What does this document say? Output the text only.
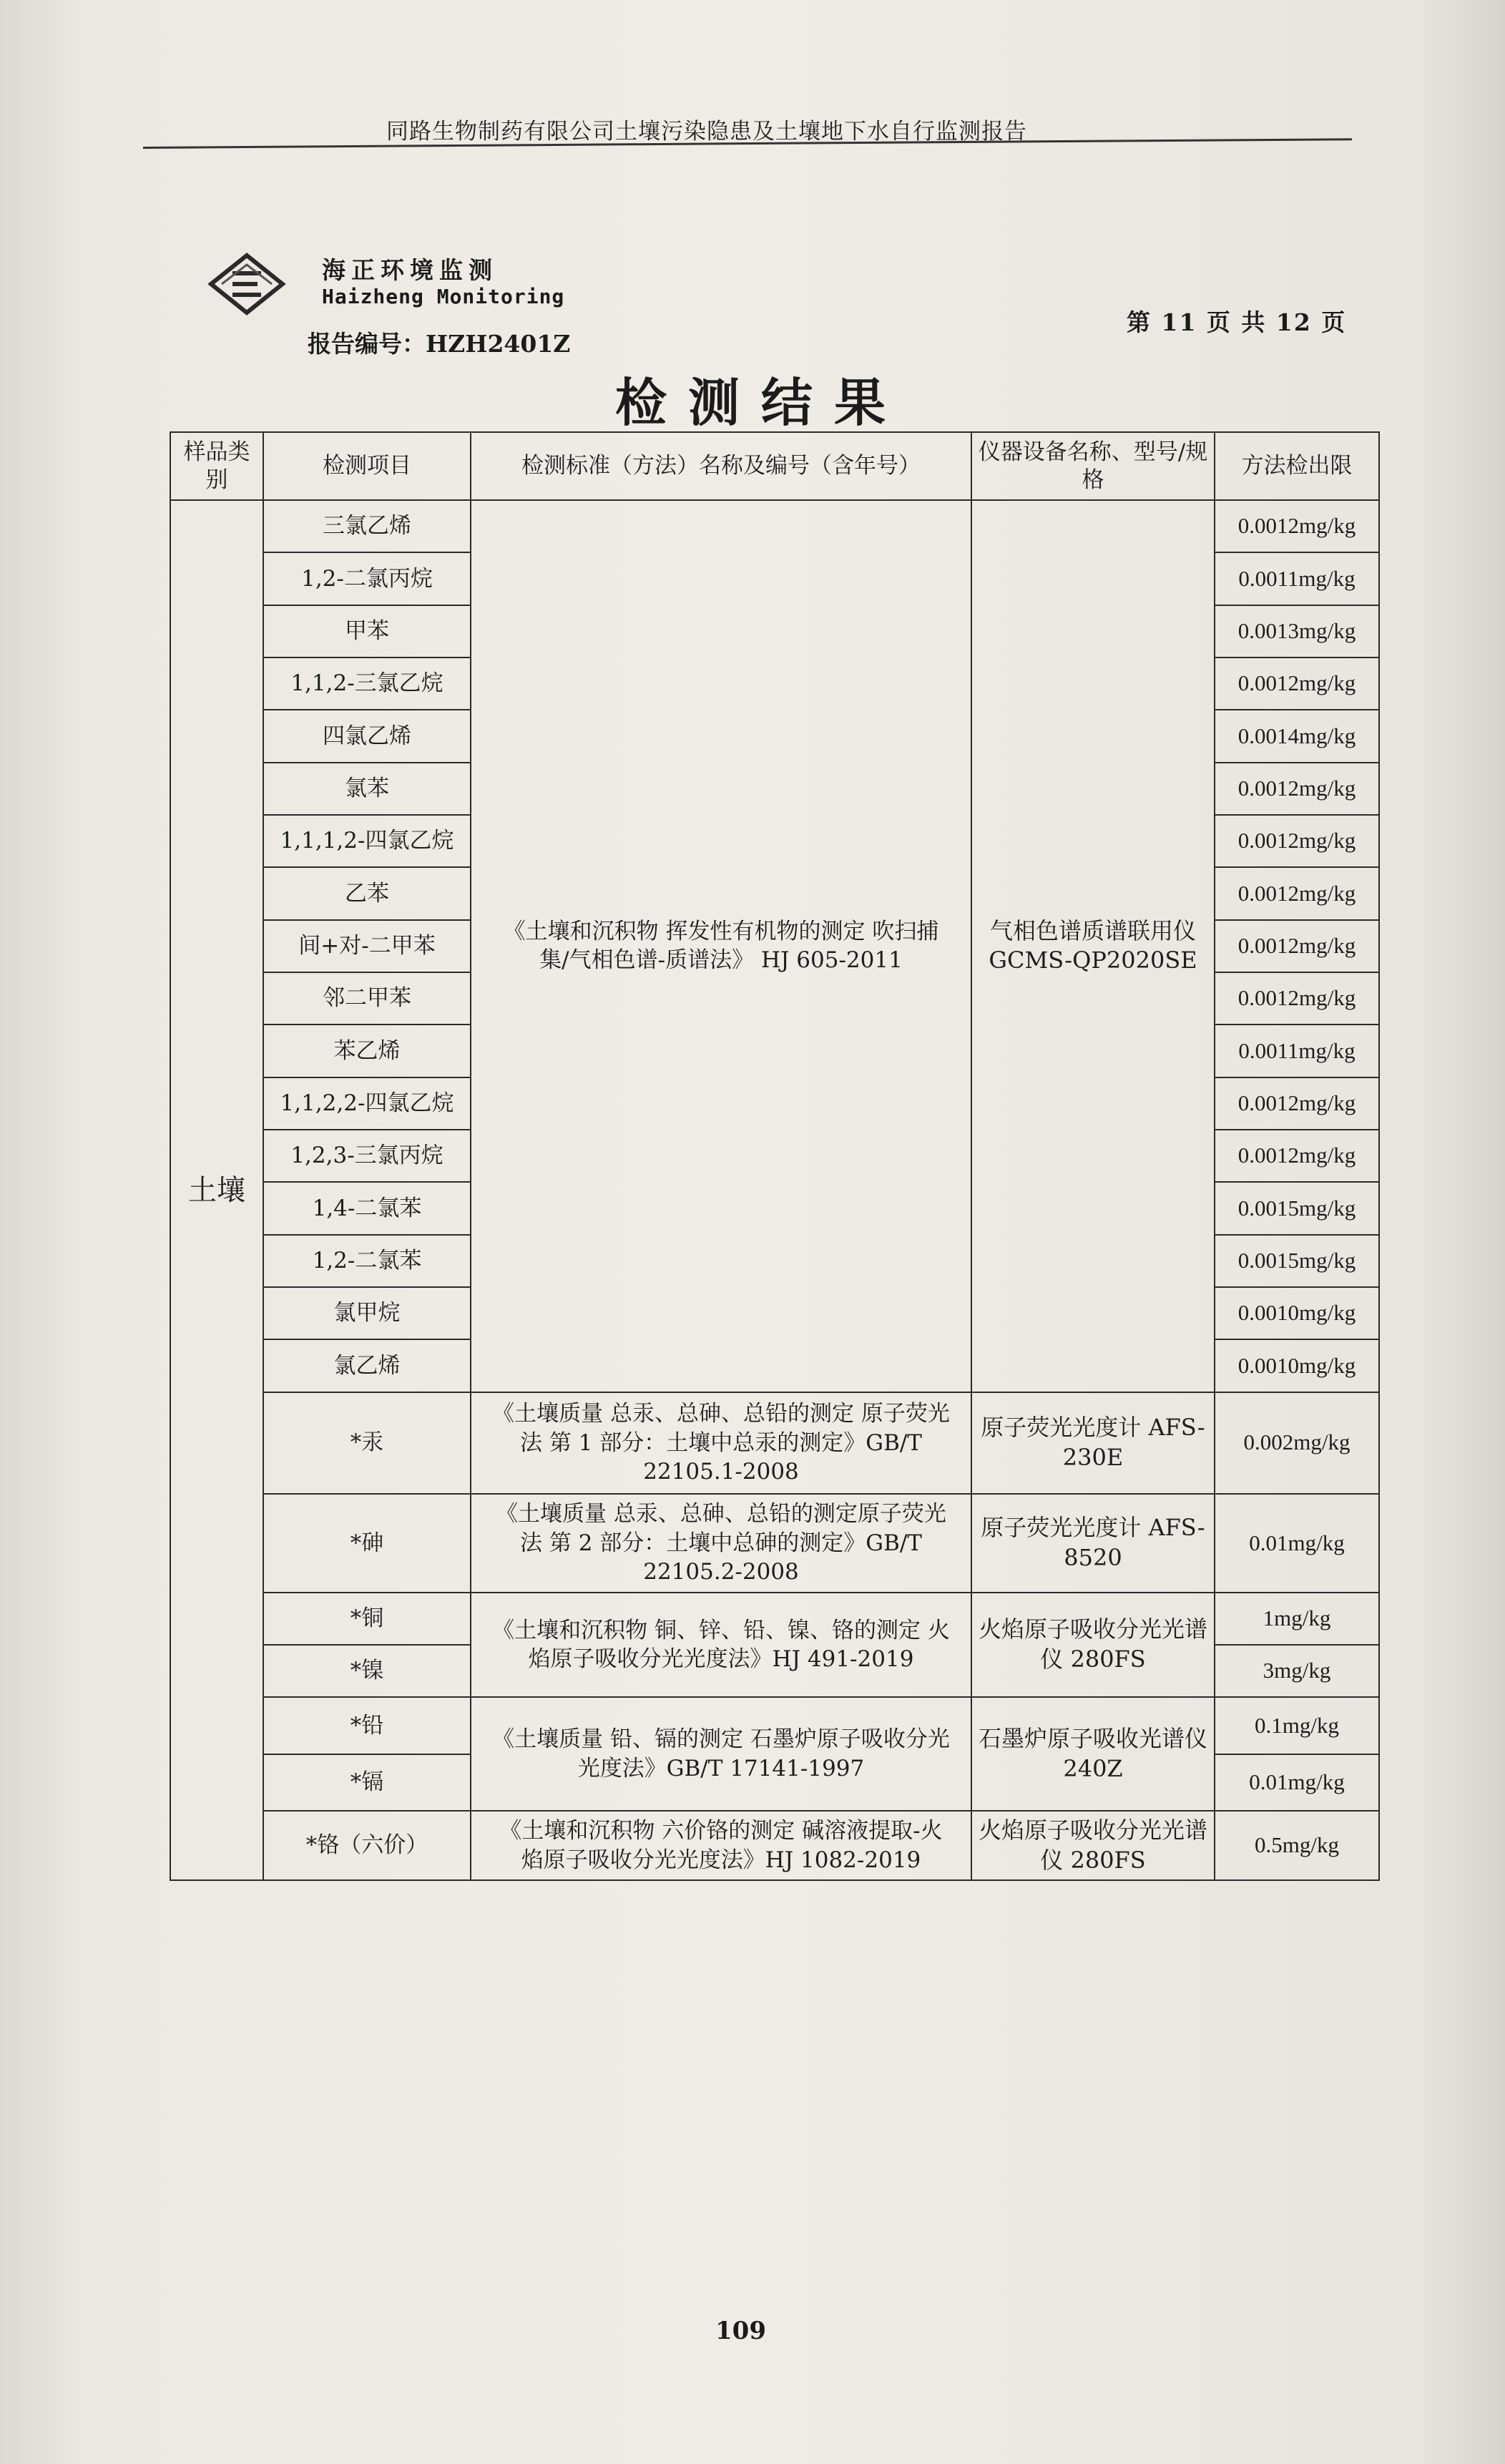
同路生物制药有限公司土壤污染隐患及土壤地下水自行监测报告
海正环境监测
Haizheng Monitoring
报告编号：HZH2401Z
第 11 页 共 12 页
检测结果
样品类别	检测项目	检测标准（方法）名称及编号（含年号）	仪器设备名称、型号/规格	方法检出限
土壤	三氯乙烯	《土壤和沉积物 挥发性有机物的测定 吹扫捕集/气相色谱-质谱法》 HJ 605-2011	气相色谱质谱联用仪 GCMS-QP2020SE	0.0012mg/kg
	1,2-二氯丙烷			0.0011mg/kg
	甲苯			0.0013mg/kg
	1,1,2-三氯乙烷			0.0012mg/kg
	四氯乙烯			0.0014mg/kg
	氯苯			0.0012mg/kg
	1,1,1,2-四氯乙烷			0.0012mg/kg
	乙苯			0.0012mg/kg
	间+对-二甲苯			0.0012mg/kg
	邻二甲苯			0.0012mg/kg
	苯乙烯			0.0011mg/kg
	1,1,2,2-四氯乙烷			0.0012mg/kg
	1,2,3-三氯丙烷			0.0012mg/kg
	1,4-二氯苯			0.0015mg/kg
	1,2-二氯苯			0.0015mg/kg
	氯甲烷			0.0010mg/kg
	氯乙烯			0.0010mg/kg
	*汞	《土壤质量 总汞、总砷、总铅的测定 原子荧光法 第 1 部分：土壤中总汞的测定》GB/T 22105.1-2008	原子荧光光度计 AFS-230E	0.002mg/kg
	*砷	《土壤质量 总汞、总砷、总铅的测定原子荧光法 第 2 部分：土壤中总砷的测定》GB/T 22105.2-2008	原子荧光光度计 AFS-8520	0.01mg/kg
	*铜	《土壤和沉积物 铜、锌、铅、镍、铬的测定 火焰原子吸收分光光度法》HJ 491-2019	火焰原子吸收分光光谱仪 280FS	1mg/kg
	*镍			3mg/kg
	*铅	《土壤质量 铅、镉的测定 石墨炉原子吸收分光光度法》GB/T 17141-1997	石墨炉原子吸收光谱仪 240Z	0.1mg/kg
	*镉			0.01mg/kg
	*铬（六价）	《土壤和沉积物 六价铬的测定 碱溶液提取-火焰原子吸收分光光度法》HJ 1082-2019	火焰原子吸收分光光谱仪 280FS	0.5mg/kg
109
